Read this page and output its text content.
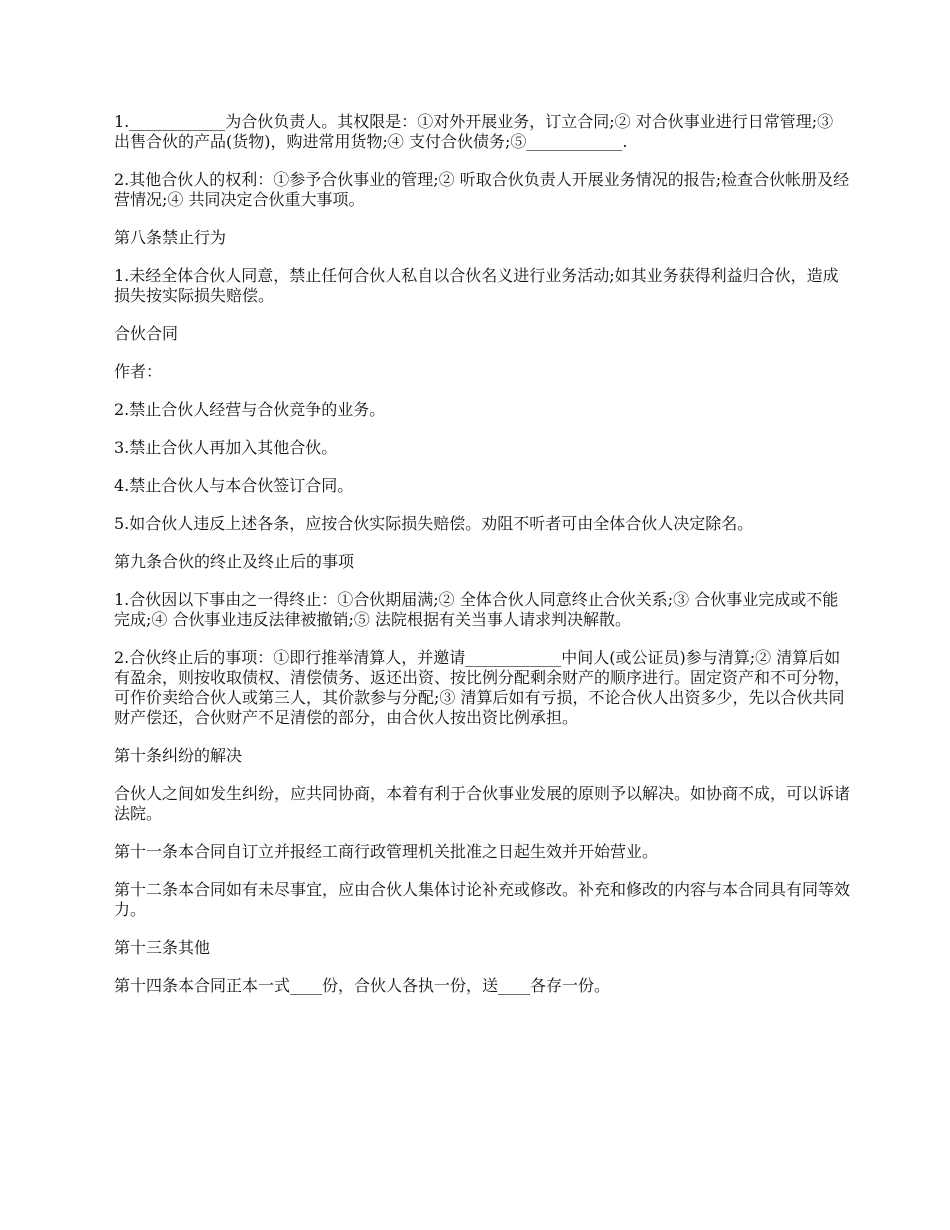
1.____________为合伙负责人。其权限是：①对外开展业务，订立合同;② 对合伙事业进行日常管理;③ 出售合伙的产品(货物)，购进常用货物;④ 支付合伙债务;⑤____________.

2.其他合伙人的权利：①参予合伙事业的管理;② 听取合伙负责人开展业务情况的报告;检查合伙帐册及经营情况;④ 共同决定合伙重大事项。

第八条禁止行为

1.未经全体合伙人同意，禁止任何合伙人私自以合伙名义进行业务活动;如其业务获得利益归合伙，造成损失按实际损失赔偿。

合伙合同

作者：

2.禁止合伙人经营与合伙竞争的业务。

3.禁止合伙人再加入其他合伙。

4.禁止合伙人与本合伙签订合同。

5.如合伙人违反上述各条，应按合伙实际损失赔偿。劝阻不听者可由全体合伙人决定除名。

第九条合伙的终止及终止后的事项

1.合伙因以下事由之一得终止：①合伙期届满;② 全体合伙人同意终止合伙关系;③ 合伙事业完成或不能完成;④ 合伙事业违反法律被撤销;⑤ 法院根据有关当事人请求判决解散。

2.合伙终止后的事项：①即行推举清算人，并邀请____________中间人(或公证员)参与清算;② 清算后如有盈余，则按收取债权、清偿债务、返还出资、按比例分配剩余财产的顺序进行。固定资产和不可分物，可作价卖给合伙人或第三人，其价款参与分配;③ 清算后如有亏损，不论合伙人出资多少，先以合伙共同财产偿还，合伙财产不足清偿的部分，由合伙人按出资比例承担。

第十条纠纷的解决

合伙人之间如发生纠纷，应共同协商，本着有利于合伙事业发展的原则予以解决。如协商不成，可以诉诸法院。

第十一条本合同自订立并报经工商行政管理机关批准之日起生效并开始营业。

第十二条本合同如有未尽事宜，应由合伙人集体讨论补充或修改。补充和修改的内容与本合同具有同等效力。

第十三条其他

第十四条本合同正本一式____份，合伙人各执一份，送____各存一份。
